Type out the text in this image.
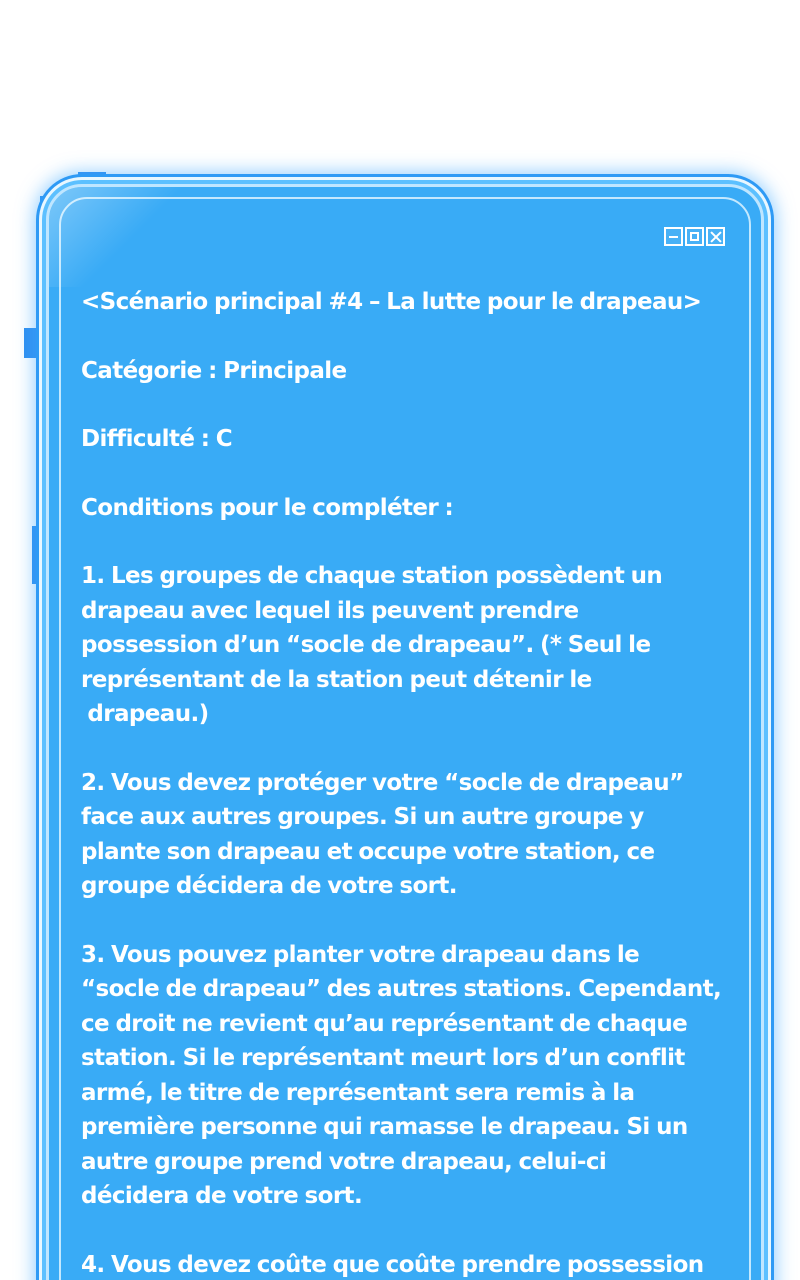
<Scénario principal #4 – La lutte pour le drapeau>

Catégorie : Principale

Difficulté : C

Conditions pour le compléter :

1. Les groupes de chaque station possèdent un
drapeau avec lequel ils peuvent prendre
possession d’un “socle de drapeau”. (* Seul le
représentant de la station peut détenir le
drapeau.)

2. Vous devez protéger votre “socle de drapeau”
face aux autres groupes. Si un autre groupe y
plante son drapeau et occupe votre station, ce
groupe décidera de votre sort.

3. Vous pouvez planter votre drapeau dans le
“socle de drapeau” des autres stations. Cependant,
ce droit ne revient qu’au représentant de chaque
station. Si le représentant meurt lors d’un conflit
armé, le titre de représentant sera remis à la
première personne qui ramasse le drapeau. Si un
autre groupe prend votre drapeau, celui-ci
décidera de votre sort.

4. Vous devez coûte que coûte prendre possession
